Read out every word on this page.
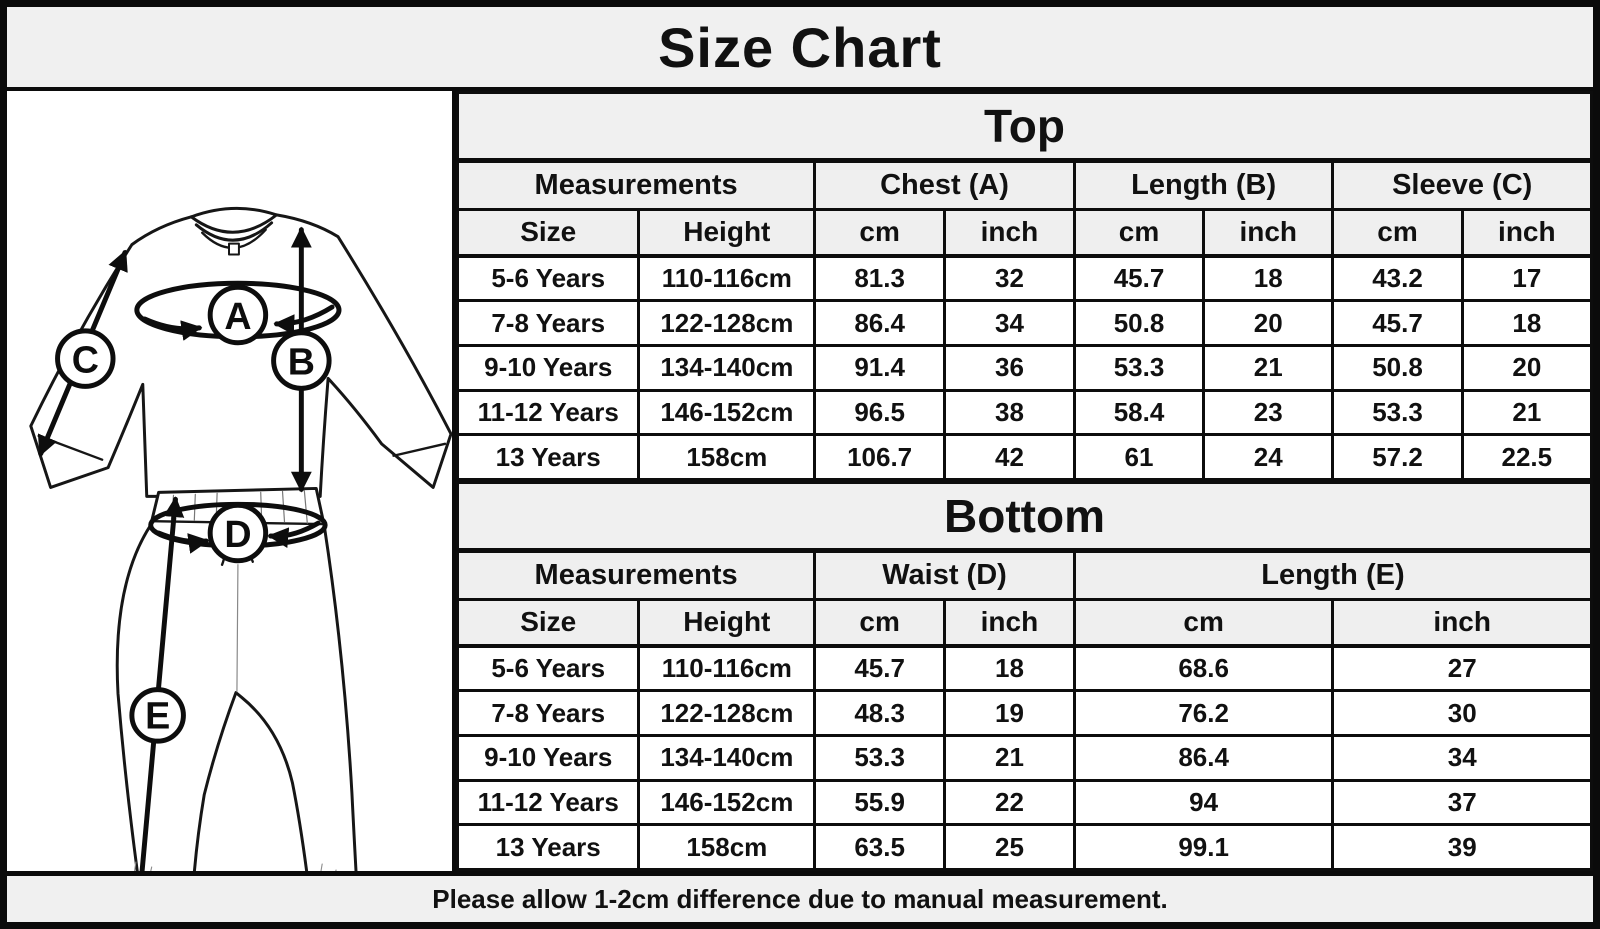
Size Chart
A
B
C
D
E
Top							
Measurements		Chest (A)		Length (B)		Sleeve (C)	
Size	Height	cm	inch	cm	inch	cm	inch
5-6 Years	110-116cm	81.3	32	45.7	18	43.2	17
7-8 Years	122-128cm	86.4	34	50.8	20	45.7	18
9-10 Years	134-140cm	91.4	36	53.3	21	50.8	20
11-12 Years	146-152cm	96.5	38	58.4	23	53.3	21
13 Years	158cm	106.7	42	61	24	57.2	22.5
Bottom					
Measurements		Waist (D)		Length (E)	
Size	Height	cm	inch	cm	inch
5-6 Years	110-116cm	45.7	18	68.6	27
7-8 Years	122-128cm	48.3	19	76.2	30
9-10 Years	134-140cm	53.3	21	86.4	34
11-12 Years	146-152cm	55.9	22	94	37
13 Years	158cm	63.5	25	99.1	39
Please allow 1-2cm difference due to manual measurement.
